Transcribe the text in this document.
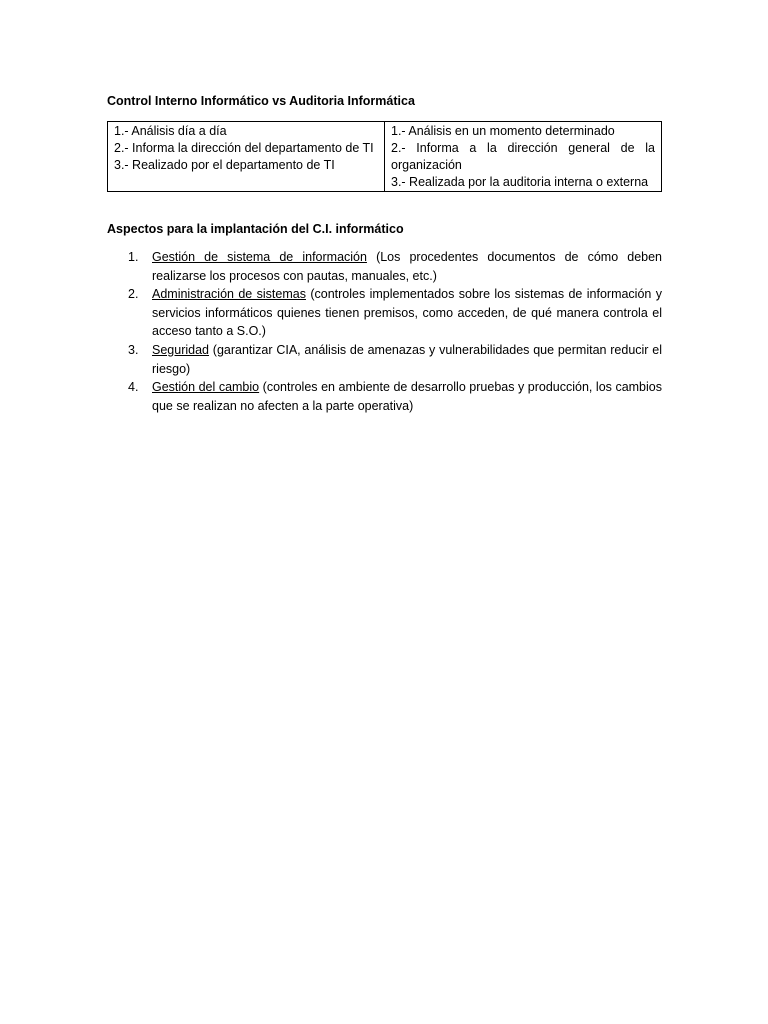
Control Interno Informático vs Auditoria Informática
1.- Análisis día a día
2.- Informa la dirección del departamento de TI
3.- Realizado por el departamento de TI
1.- Análisis en un momento determinado
2.- Informa a la dirección general de la organización
3.- Realizada por la auditoria interna o externa
Aspectos para la implantación del C.I. informático
1. Gestión de sistema de información (Los procedentes documentos de cómo deben realizarse los procesos con pautas, manuales, etc.)
2. Administración de sistemas (controles implementados sobre los sistemas de información y servicios informáticos quienes tienen premisos, como acceden, de qué manera controla el acceso tanto a S.O.)
3. Seguridad (garantizar CIA, análisis de amenazas y vulnerabilidades que permitan reducir el riesgo)
4. Gestión del cambio (controles en ambiente de desarrollo pruebas y producción, los cambios que se realizan no afecten a la parte operativa)
